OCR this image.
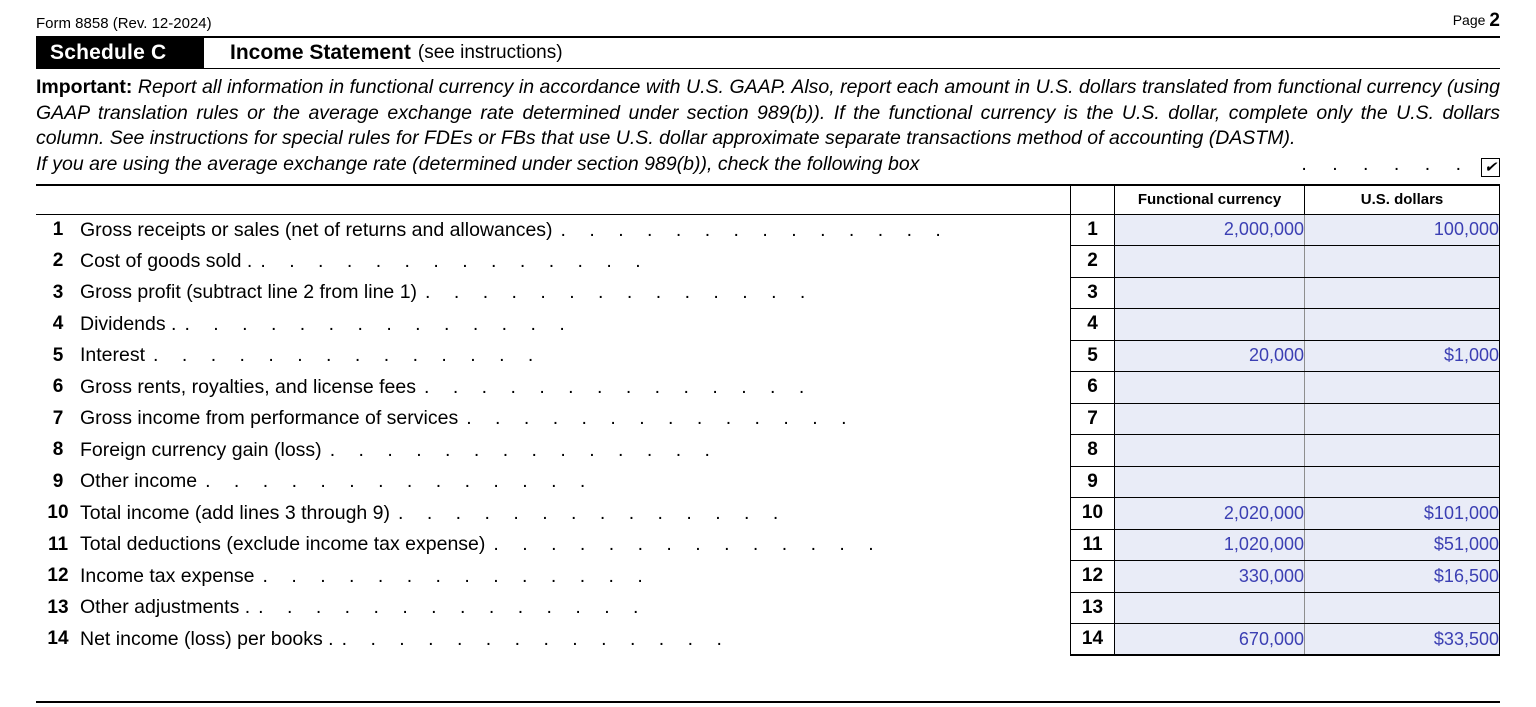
Form 8858 (Rev. 12-2024)	Page 2
Schedule C	Income Statement (see instructions)
Important: Report all information in functional currency in accordance with U.S. GAAP. Also, report each amount in U.S. dollars translated from functional currency (using GAAP translation rules or the average exchange rate determined under section 989(b)). If the functional currency is the U.S. dollar, complete only the U.S. dollars column. See instructions for special rules for FDEs or FBs that use U.S. dollar approximate separate transactions method of accounting (DASTM).
If you are using the average exchange rate (determined under section 989(b)), check the following box	. . . . . . ✔
			Functional currency	U.S. dollars
1	Gross receipts or sales (net of returns and allowances) . . . . . . . . . . . . . .	1	2,000,000	100,000
2	Cost of goods sold . . . . . . . . . . . . . . .	2		
3	Gross profit (subtract line 2 from line 1) . . . . . . . . . . . . . .	3		
4	Dividends . . . . . . . . . . . . . . .	4		
5	Interest . . . . . . . . . . . . . .	5	20,000	$1,000
6	Gross rents, royalties, and license fees . . . . . . . . . . . . . .	6		
7	Gross income from performance of services . . . . . . . . . . . . . .	7		
8	Foreign currency gain (loss) . . . . . . . . . . . . . .	8		
9	Other income . . . . . . . . . . . . . .	9		
10	Total income (add lines 3 through 9) . . . . . . . . . . . . . .	10	2,020,000	$101,000
11	Total deductions (exclude income tax expense) . . . . . . . . . . . . . .	11	1,020,000	$51,000
12	Income tax expense . . . . . . . . . . . . . .	12	330,000	$16,500
13	Other adjustments . . . . . . . . . . . . . . .	13		
14	Net income (loss) per books . . . . . . . . . . . . . . .	14	670,000	$33,500
